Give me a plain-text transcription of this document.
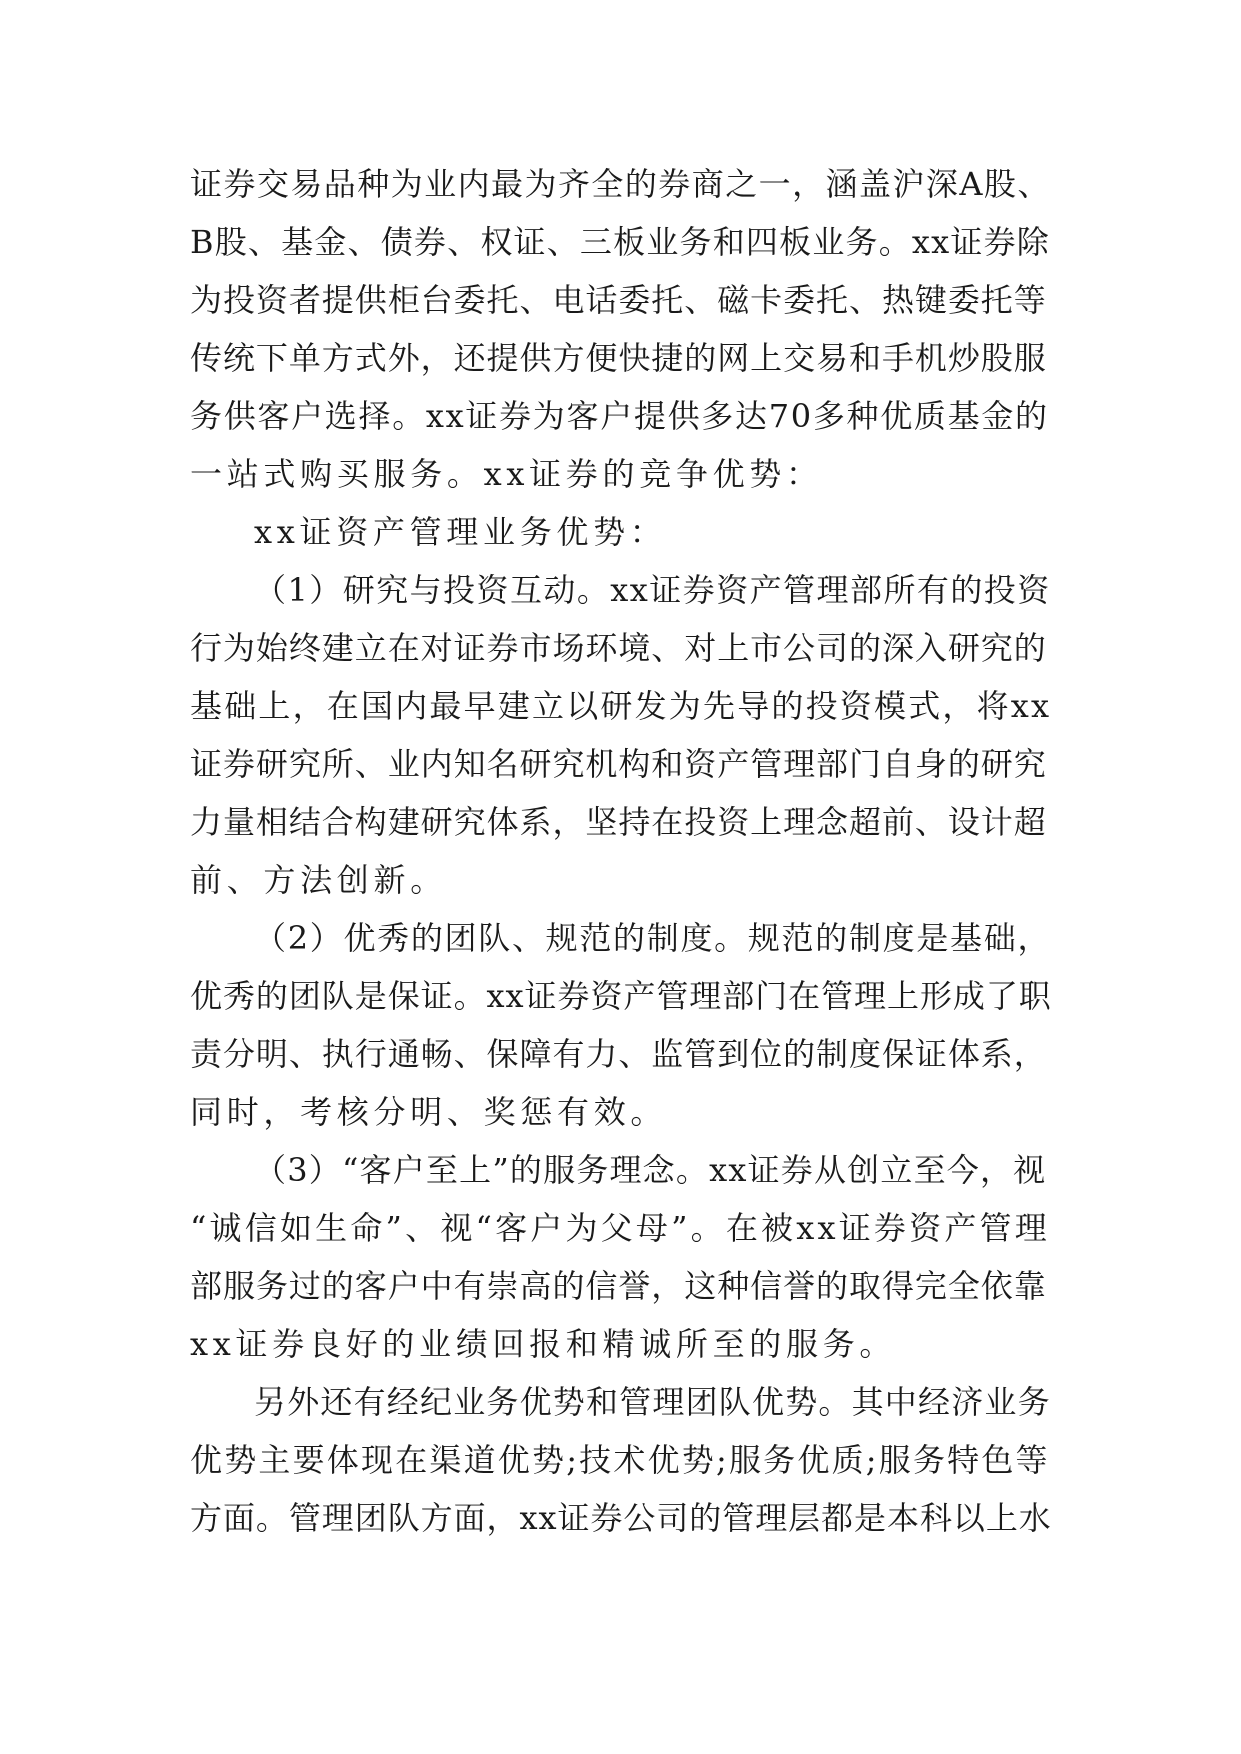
证券交易品种为业内最为齐全的券商之一，涵盖沪深A股、
B股、基金、债券、权证、三板业务和四板业务。xx证券除
为投资者提供柜台委托、电话委托、磁卡委托、热键委托等
传统下单方式外，还提供方便快捷的网上交易和手机炒股服
务供客户选择。xx证券为客户提供多达70多种优质基金的
一站式购买服务。xx证券的竞争优势：
xx证资产管理业务优势：
（1）研究与投资互动。xx证券资产管理部所有的投资
行为始终建立在对证券市场环境、对上市公司的深入研究的
基础上，在国内最早建立以研发为先导的投资模式，将xx
证券研究所、业内知名研究机构和资产管理部门自身的研究
力量相结合构建研究体系，坚持在投资上理念超前、设计超
前、方法创新。
（2）优秀的团队、规范的制度。规范的制度是基础，
优秀的团队是保证。xx证券资产管理部门在管理上形成了职
责分明、执行通畅、保障有力、监管到位的制度保证体系，
同时，考核分明、奖惩有效。
（3）“客户至上”的服务理念。xx证券从创立至今，视
“诚信如生命”、视“客户为父母”。在被xx证券资产管理
部服务过的客户中有崇高的信誉，这种信誉的取得完全依靠
xx证券良好的业绩回报和精诚所至的服务。
另外还有经纪业务优势和管理团队优势。其中经济业务
优势主要体现在渠道优势;技术优势;服务优质;服务特色等
方面。管理团队方面，xx证券公司的管理层都是本科以上水
